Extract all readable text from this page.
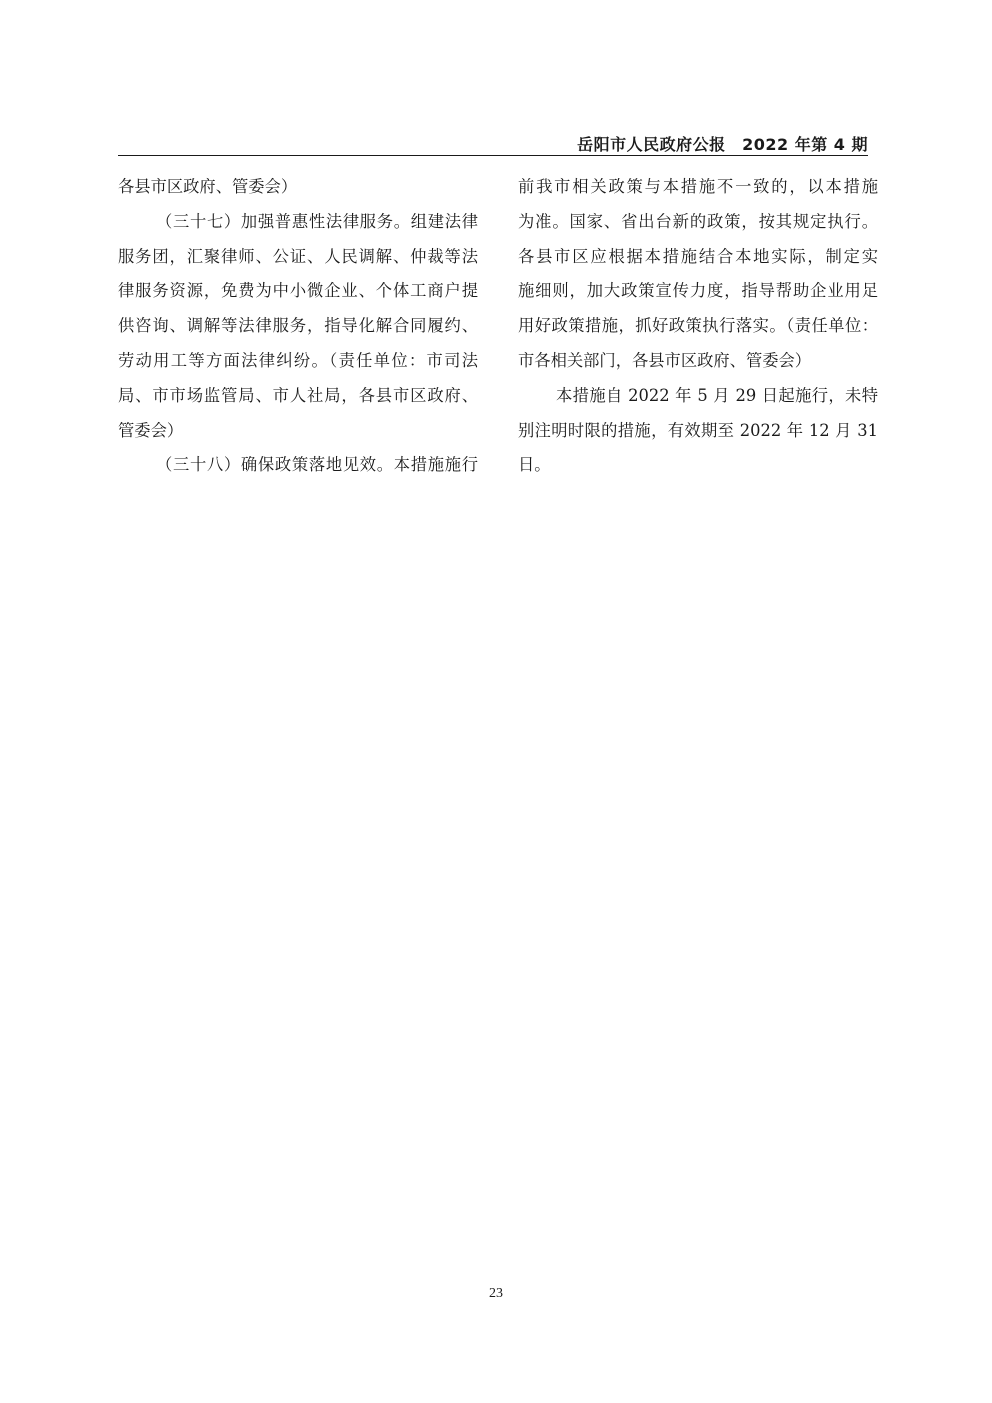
岳阳市人民政府公报　2022 年第 4 期
各县市区政府、管委会）
（三十七）加强普惠性法律服务。组建法律
服务团，汇聚律师、公证、人民调解、仲裁等法
律服务资源，免费为中小微企业、个体工商户提
供咨询、调解等法律服务，指导化解合同履约、
劳动用工等方面法律纠纷。（责任单位：市司法
局、市市场监管局、市人社局，各县市区政府、
管委会）
（三十八）确保政策落地见效。本措施施行
前我市相关政策与本措施不一致的，以本措施
为准。国家、省出台新的政策，按其规定执行。
各县市区应根据本措施结合本地实际，制定实
施细则，加大政策宣传力度，指导帮助企业用足
用好政策措施，抓好政策执行落实。（责任单位：
市各相关部门，各县市区政府、管委会）
本措施自 2022 年 5 月 29 日起施行，未特
别注明时限的措施，有效期至 2022 年 12 月 31
日。
23
